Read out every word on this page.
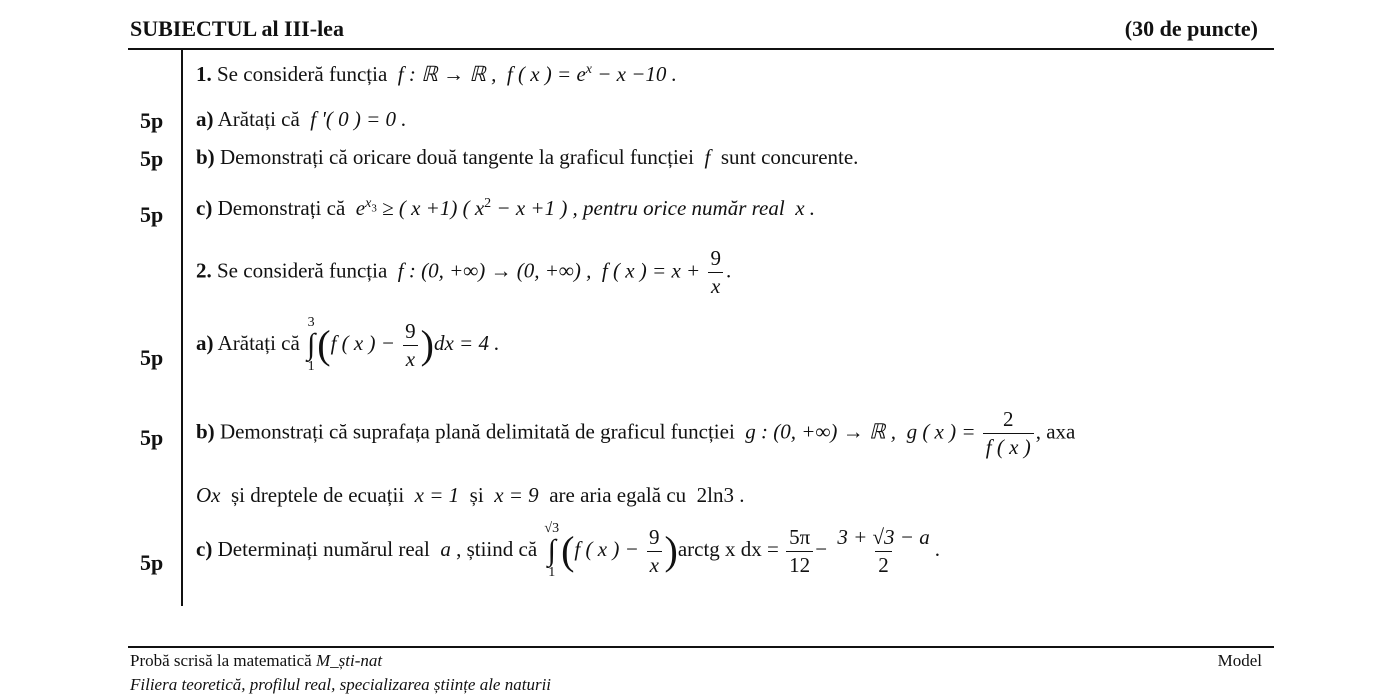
SUBIECTUL al III-lea	(30 de puncte)
1. Se consideră funcția f : ℝ → ℝ , f ( x ) = $e^x - x -10$ .
5p a) Arătați că f '( 0 ) = 0 .
5p b) Demonstrați că oricare două tangente la graficul funcției f sunt concurente.
5p c) Demonstrați că $e^x3$ ≥ ( x +1) ( $x^2 - x +1$ ) , pentru orice număr real x .
2. Se consideră funcția f : (0, +∞) → (0, +∞) , f ( x ) = $x + \frac{9}{x}$ .
5p
a) Arătați că
3
∫
1 (f ( x ) − $\frac{9}{x} )dx = 4$ .
5p b) Demonstrați că suprafața plană delimitată de graficul funcției g : (0, +∞) → ℝ , g ( x ) = $\frac{2}{f ( x )}$ , axa
Ox și dreptele de ecuații x = 1 și x = 9 are aria egală cu 2ln3 .
5p
c) Determinați numărul real a , știind că
√3
∫
1 (f ( x ) − $\frac{9}{x}$ )arctg x dx = $\frac{5\pi}{12} - \frac{3 + √3 - a}{2}$ .
Probă scrisă la matematică M_ști-nat	Model
Filiera teoretică, profilul real, specializarea științe ale naturii
